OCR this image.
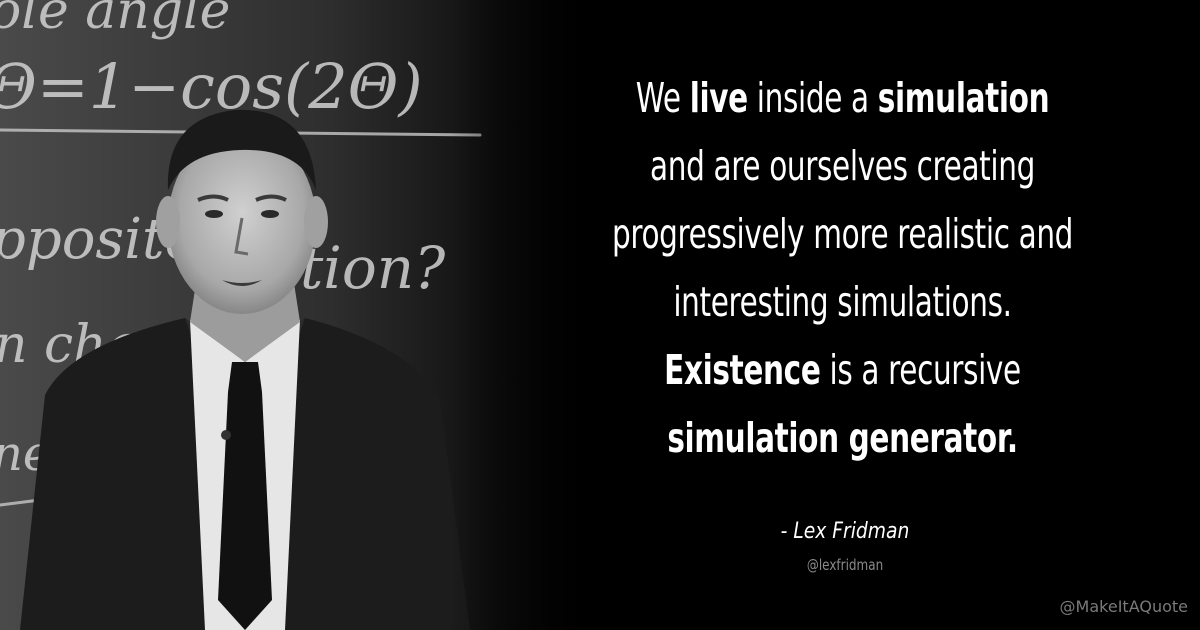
We live inside a simulation
and are ourselves creating
progressively more realistic and
interesting simulations.
Existence is a recursive
simulation generator.
- Lex Fridman
@lexfridman
@MakeItAQuote
